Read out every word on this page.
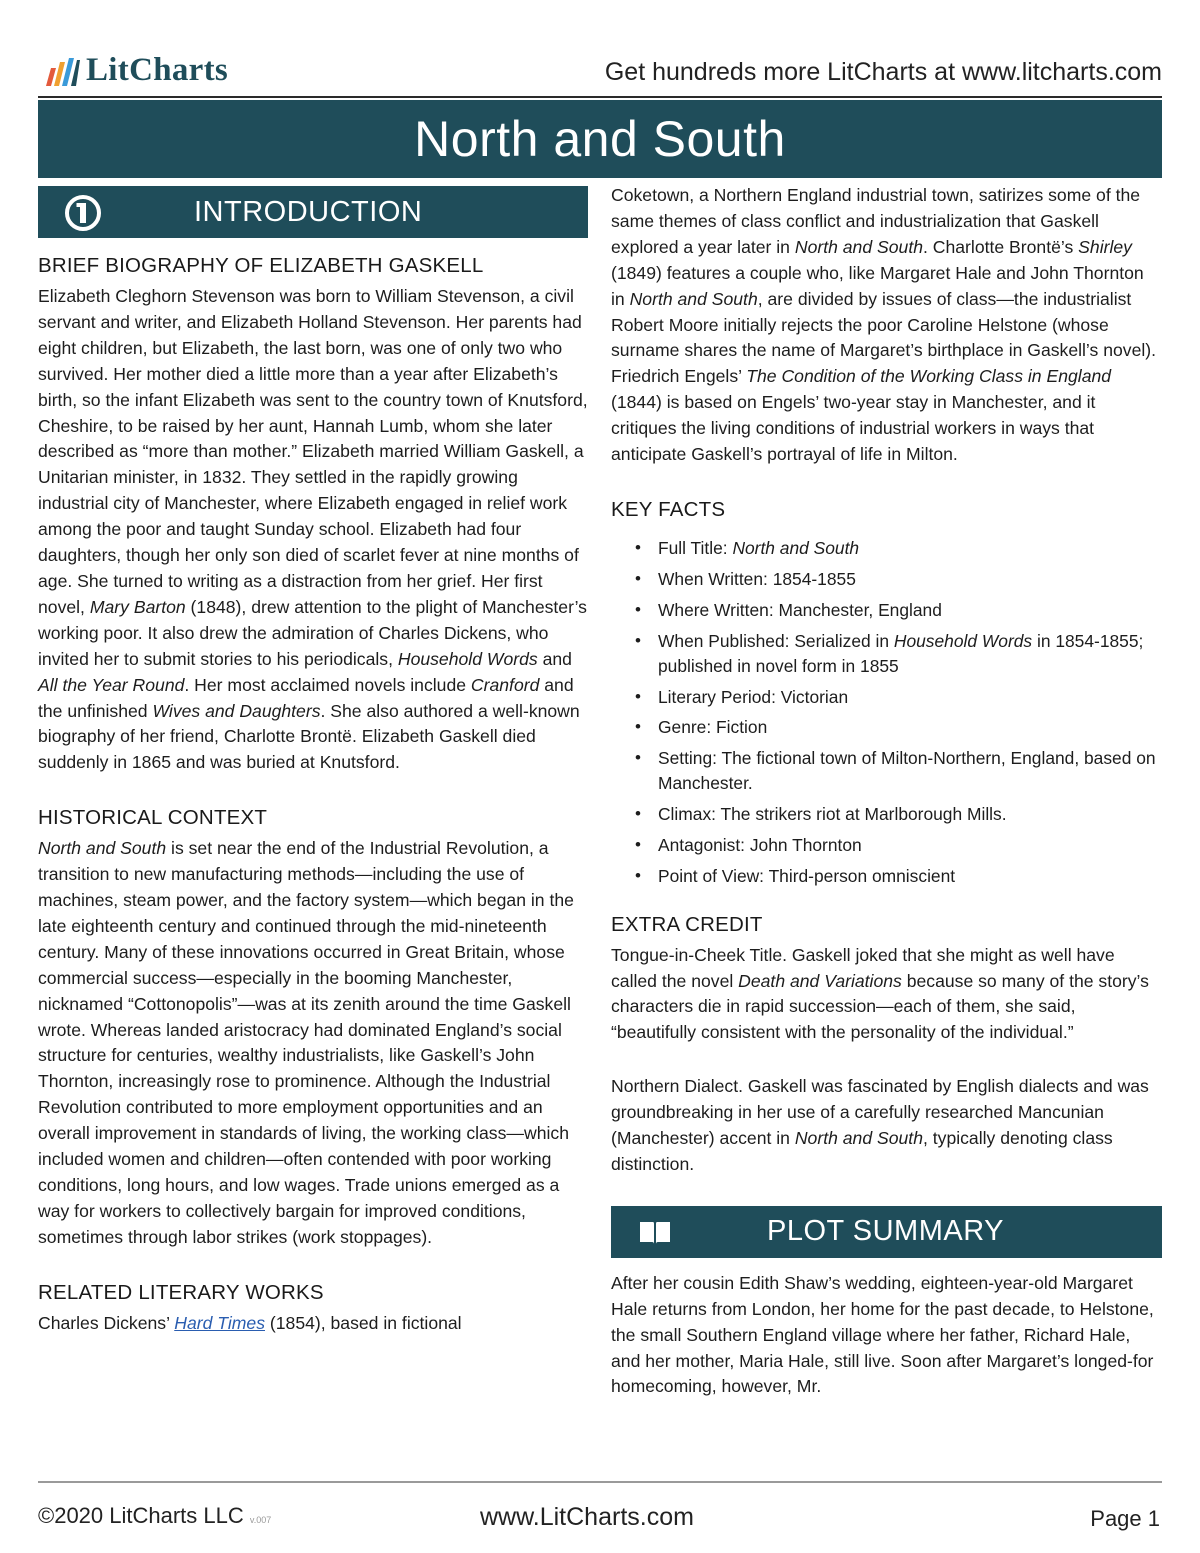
LitCharts	Get hundreds more LitCharts at www.litcharts.com
North and South
INTRODUCTION
BRIEF BIOGRAPHY OF ELIZABETH GASKELL

Elizabeth Cleghorn Stevenson was born to William Stevenson, a civil servant and writer, and Elizabeth Holland Stevenson. Her parents had eight children, but Elizabeth, the last born, was one of only two who survived. Her mother died a little more than a year after Elizabeth’s birth, so the infant Elizabeth was sent to the country town of Knutsford, Cheshire, to be raised by her aunt, Hannah Lumb, whom she later described as “more than mother.” Elizabeth married William Gaskell, a Unitarian minister, in 1832. They settled in the rapidly growing industrial city of Manchester, where Elizabeth engaged in relief work among the poor and taught Sunday school. Elizabeth had four daughters, though her only son died of scarlet fever at nine months of age. She turned to writing as a distraction from her grief. Her first novel, Mary Barton (1848), drew attention to the plight of Manchester’s working poor. It also drew the admiration of Charles Dickens, who invited her to submit stories to his periodicals, Household Words and All the Year Round. Her most acclaimed novels include Cranford and the unfinished Wives and Daughters. She also authored a well-known biography of her friend, Charlotte Brontë. Elizabeth Gaskell died suddenly in 1865 and was buried at Knutsford.

HISTORICAL CONTEXT

North and South is set near the end of the Industrial Revolution, a transition to new manufacturing methods—including the use of machines, steam power, and the factory system—which began in the late eighteenth century and continued through the mid-nineteenth century. Many of these innovations occurred in Great Britain, whose commercial success—especially in the booming Manchester, nicknamed “Cottonopolis”—was at its zenith around the time Gaskell wrote. Whereas landed aristocracy had dominated England’s social structure for centuries, wealthy industrialists, like Gaskell’s John Thornton, increasingly rose to prominence. Although the Industrial Revolution contributed to more employment opportunities and an overall improvement in standards of living, the working class—which included women and children—often contended with poor working conditions, long hours, and low wages. Trade unions emerged as a way for workers to collectively bargain for improved conditions, sometimes through labor strikes (work stoppages).

RELATED LITERARY WORKS

Charles Dickens’ Hard Times (1854), based in fictional

Coketown, a Northern England industrial town, satirizes some of the same themes of class conflict and industrialization that Gaskell explored a year later in North and South. Charlotte Brontë’s Shirley (1849) features a couple who, like Margaret Hale and John Thornton in North and South, are divided by issues of class—the industrialist Robert Moore initially rejects the poor Caroline Helstone (whose surname shares the name of Margaret’s birthplace in Gaskell’s novel). Friedrich Engels’ The Condition of the Working Class in England (1844) is based on Engels’ two-year stay in Manchester, and it critiques the living conditions of industrial workers in ways that anticipate Gaskell’s portrayal of life in Milton.

KEY FACTS
• Full Title: North and South
• When Written: 1854-1855
• Where Written: Manchester, England
• When Published: Serialized in Household Words in 1854-1855; published in novel form in 1855
• Literary Period: Victorian
• Genre: Fiction
• Setting: The fictional town of Milton-Northern, England, based on Manchester.
• Climax: The strikers riot at Marlborough Mills.
• Antagonist: John Thornton
• Point of View: Third-person omniscient
EXTRA CREDIT

Tongue-in-Cheek Title. Gaskell joked that she might as well have called the novel Death and Variations because so many of the story’s characters die in rapid succession—each of them, she said, “beautifully consistent with the personality of the individual.”

Northern Dialect. Gaskell was fascinated by English dialects and was groundbreaking in her use of a carefully researched Mancunian (Manchester) accent in North and South, typically denoting class distinction.

PLOT SUMMARY

After her cousin Edith Shaw’s wedding, eighteen-year-old Margaret Hale returns from London, her home for the past decade, to Helstone, the small Southern England village where her father, Richard Hale, and her mother, Maria Hale, still live. Soon after Margaret’s longed-for homecoming, however, Mr.

©2020 LitCharts LLC v.007	www.LitCharts.com	Page 1
